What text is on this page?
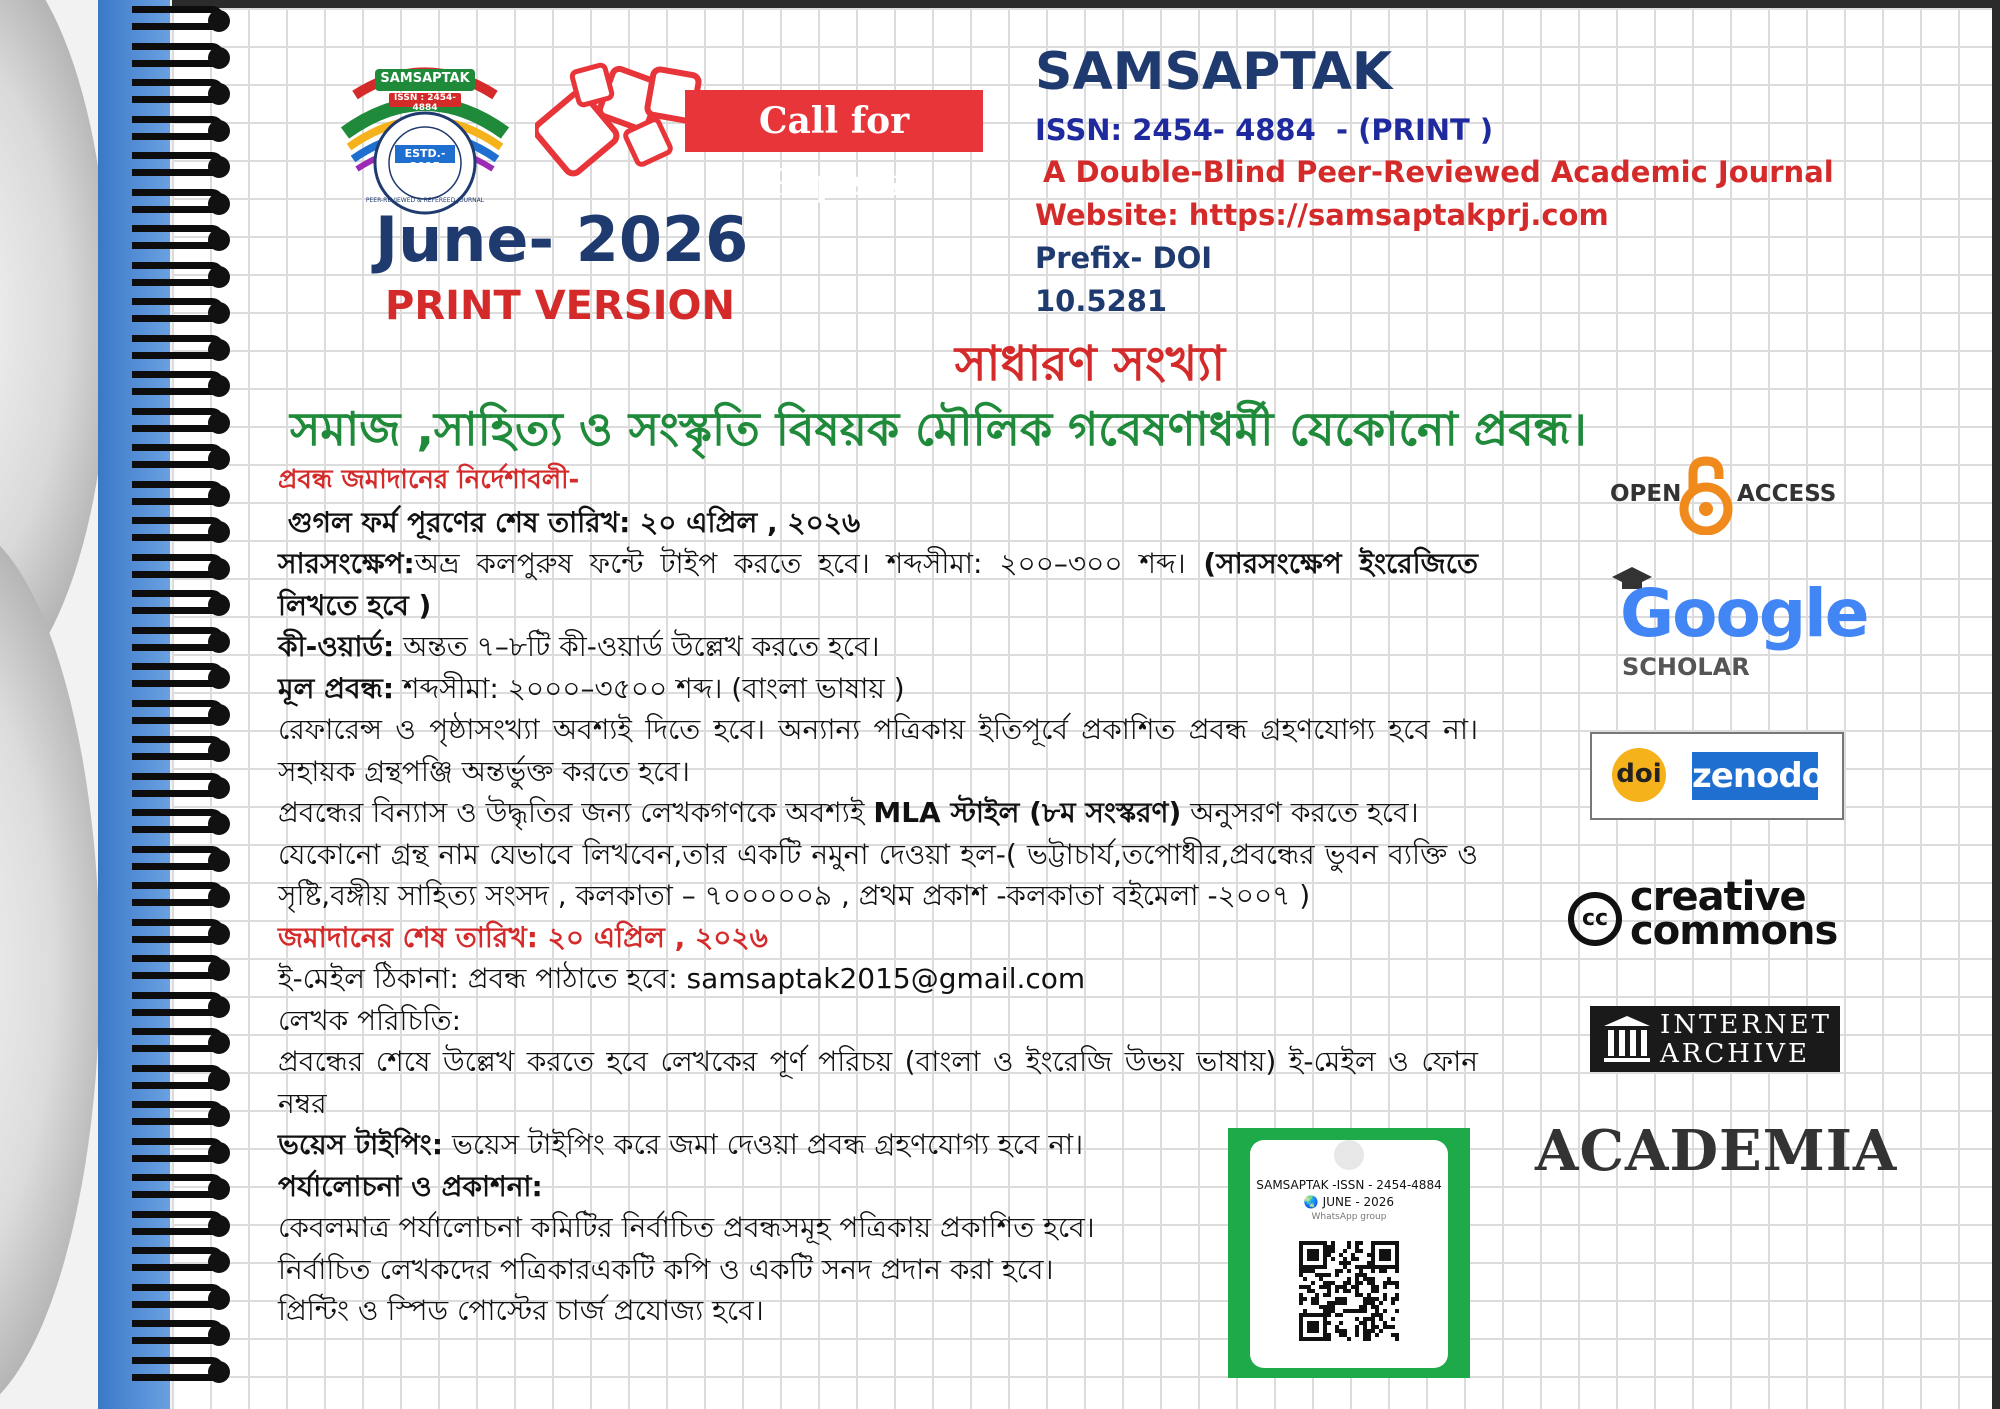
SAMSAPTAK
ISSN : 2454-4884
ESTD.- 2015
PEER-REVIEWED & REFEREED JOURNAL
Call for Papers
June- 2026
PRINT VERSION
SAMSAPTAK
ISSN: 2454- 4884  - (PRINT )
A Double-Blind Peer-Reviewed Academic Journal
Website: https://samsaptakprj.com
Prefix- DOI
10.5281
সাধারণ সংখ্যা
সমাজ ,সাহিত্য ও সংস্কৃতি বিষয়ক মৌলিক গবেষণাধর্মী যেকোনো প্রবন্ধ।

প্রবন্ধ জমাদানের নির্দেশাবলী-

গুগল ফর্ম পূরণের শেষ তারিখ: ২০ এপ্রিল , ২০২৬

সারসংক্ষেপ:অভ্র কলপুরুষ ফন্টে টাইপ করতে হবে। শব্দসীমা: ২০০–৩০০ শব্দ। (সারসংক্ষেপ ইংরেজিতে লিখতে হবে )

কী-ওয়ার্ড: অন্তত ৭–৮টি কী-ওয়ার্ড উল্লেখ করতে হবে।

মূল প্রবন্ধ: শব্দসীমা: ২০০০–৩৫০০ শব্দ। (বাংলা ভাষায় )

রেফারেন্স ও পৃষ্ঠাসংখ্যা অবশ্যই দিতে হবে। অন্যান্য পত্রিকায় ইতিপূর্বে প্রকাশিত প্রবন্ধ গ্রহণযোগ্য হবে না।সহায়ক গ্রন্থপঞ্জি অন্তর্ভুক্ত করতে হবে।

প্রবন্ধের বিন্যাস ও উদ্ধৃতির জন্য লেখকগণকে অবশ্যই MLA স্টাইল (৮ম সংস্করণ) অনুসরণ করতে হবে।

যেকোনো গ্রন্থ নাম যেভাবে লিখবেন,তার একটি নমুনা দেওয়া হল-( ভট্টাচার্য,তপোধীর,প্রবন্ধের ভুবন ব্যক্তি ও সৃষ্টি,বঙ্গীয় সাহিত্য সংসদ , কলকাতা – ৭০০০০০৯ , প্রথম প্রকাশ -কলকাতা বইমেলা -২০০৭ )

জমাদানের শেষ তারিখ: ২০ এপ্রিল , ২০২৬

ই-মেইল ঠিকানা: প্রবন্ধ পাঠাতে হবে: samsaptak2015@gmail.com

লেখক পরিচিতি:

প্রবন্ধের শেষে উল্লেখ করতে হবে লেখকের পূর্ণ পরিচয় (বাংলা ও ইংরেজি উভয় ভাষায়) ই-মেইল ও ফোন নম্বর

ভয়েস টাইপিং: ভয়েস টাইপিং করে জমা দেওয়া প্রবন্ধ গ্রহণযোগ্য হবে না।

পর্যালোচনা ও প্রকাশনা:

কেবলমাত্র পর্যালোচনা কমিটির নির্বাচিত প্রবন্ধসমূহ পত্রিকায় প্রকাশিত হবে।

নির্বাচিত লেখকদের পত্রিকারএকটি কপি ও একটি সনদ প্রদান করা হবে।

প্রিন্টিং ও স্পিড পোস্টের চার্জ প্রযোজ্য হবে।

OPEN ACCESS
Google
SCHOLAR
doi zenodo
cc creative
commons
INTERNET
ARCHIVE
ACADEMIA
SAMSAPTAK -ISSN - 2454-4884
🌏 JUNE - 2026
WhatsApp group
